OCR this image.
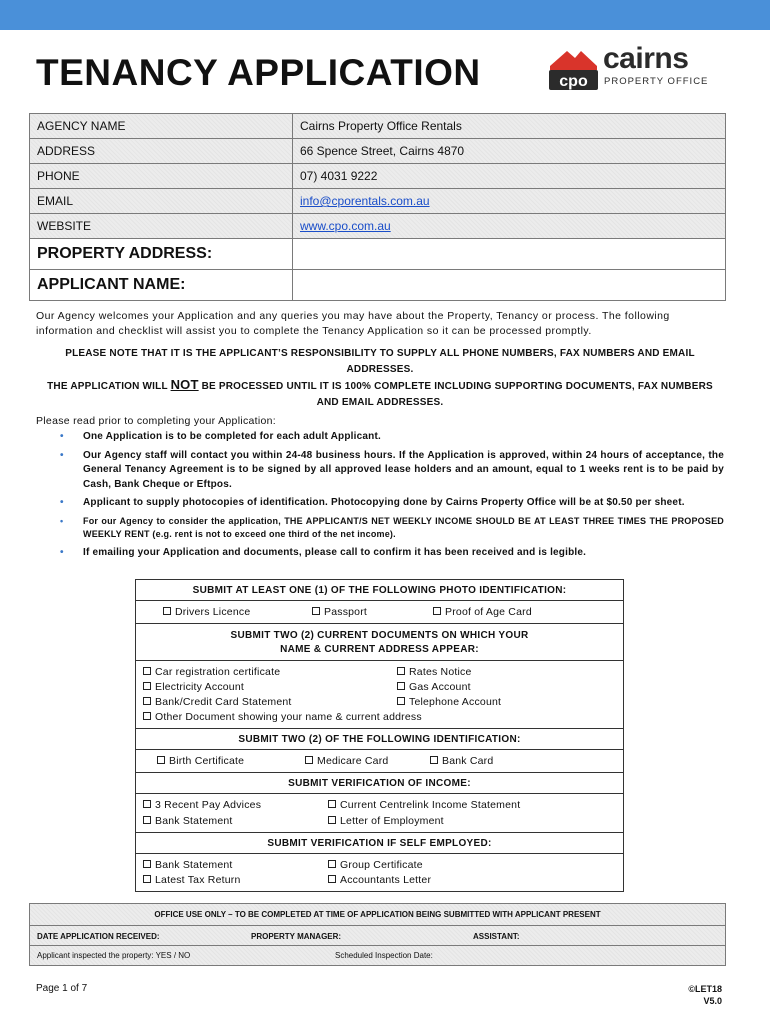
TENANCY APPLICATION	cpo
cairns
PROPERTY OFFICE
AGENCY NAME	Cairns Property Office Rentals
ADDRESS	66 Spence Street, Cairns 4870
PHONE	07) 4031 9222
EMAIL	info@cporentals.com.au
WEBSITE	www.cpo.com.au
PROPERTY ADDRESS:	
APPLICANT NAME:	
Our Agency welcomes your Application and any queries you may have about the Property, Tenancy or process. The following information and checklist will assist you to complete the Tenancy Application so it can be processed promptly.
PLEASE NOTE THAT IT IS THE APPLICANT’S RESPONSIBILITY TO SUPPLY ALL PHONE NUMBERS, FAX NUMBERS AND EMAIL ADDRESSES.
THE APPLICATION WILL NOT BE PROCESSED UNTIL IT IS 100% COMPLETE INCLUDING SUPPORTING DOCUMENTS, FAX NUMBERS AND EMAIL ADDRESSES.
Please read prior to completing your Application:
• One Application is to be completed for each adult Applicant.
• Our Agency staff will contact you within 24-48 business hours. If the Application is approved, within 24 hours of acceptance, the General Tenancy Agreement is to be signed by all approved lease holders and an amount, equal to 1 weeks rent is to be paid by Cash, Bank Cheque or Eftpos.
• Applicant to supply photocopies of identification. Photocopying done by Cairns Property Office will be at $0.50 per sheet.
• For our Agency to consider the application, THE APPLICANT/S NET WEEKLY INCOME SHOULD BE AT LEAST THREE TIMES THE PROPOSED WEEKLY RENT (e.g. rent is not to exceed one third of the net income).
• If emailing your Application and documents, please call to confirm it has been received and is legible.
SUBMIT AT LEAST ONE (1) OF THE FOLLOWING PHOTO IDENTIFICATION:
Drivers Licence	Passport	Proof of Age Card
SUBMIT TWO (2) CURRENT DOCUMENTS ON WHICH YOUR
NAME & CURRENT ADDRESS APPEAR:
Car registration certificate	Rates Notice
Electricity Account	Gas Account
Bank/Credit Card Statement	Telephone Account
Other Document showing your name & current address
SUBMIT TWO (2) OF THE FOLLOWING IDENTIFICATION:
Birth Certificate	Medicare Card	Bank Card
SUBMIT VERIFICATION OF INCOME:
3 Recent Pay Advices	Current Centrelink Income Statement
Bank Statement	Letter of Employment
SUBMIT VERIFICATION IF SELF EMPLOYED:
Bank Statement	Group Certificate
Latest Tax Return	Accountants Letter
OFFICE USE ONLY – TO BE COMPLETED AT TIME OF APPLICATION BEING SUBMITTED WITH APPLICANT PRESENT
DATE APPLICATION RECEIVED:	PROPERTY MANAGER:	ASSISTANT:
Applicant inspected the property: YES / NO	Scheduled Inspection Date:
Page 1 of 7	©LET18
V5.0
